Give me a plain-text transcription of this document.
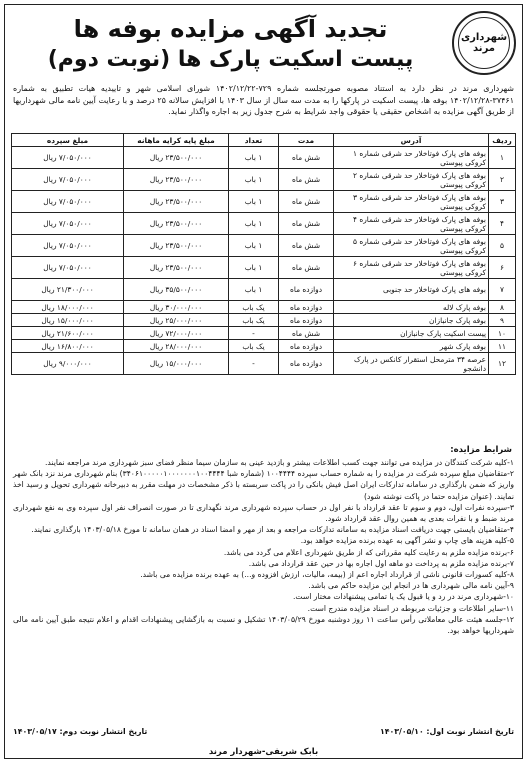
شهرداری
مرند
تجدید آگهی مزایده بوفه ها
پیست اسکیت پارک ها (نوبت دوم)
شهرداری مرند در نظر دارد به استناد مصوبه صورتجلسه شماره ۷۲۹-۱۴۰۲/۱۲/۲۲ شورای اسلامی شهر و تاییدیه هیات تطبیق به شماره ۳۷۴۶۱-۱۴۰۲/۱۲/۲۸ بوفه ها، پیست اسکیت در پارکها را به مدت سه سال از سال ۱۴۰۳ با افزایش سالانه ۲۵ درصد و با رعایت آیین نامه مالی شهرداریها از طریق آگهی مزایده به اشخاص حقیقی یا حقوقی واجد شرایط به شرح جدول زیر به اجاره واگذار نماید.
ردیف	آدرس	مدت	تعداد	مبلغ پایه کرایه ماهانه	مبلغ سپرده
۱	بوفه های پارک فوتاخلار حد شرقی شماره ۱ کروکی پیوستی	شش ماه	۱ باب	۲۳/۵۰۰/۰۰۰ ریال	۷/۰۵۰/۰۰۰ ریال
۲	بوفه های پارک فوتاخلار حد شرقی شماره ۲ کروکی پیوستی	شش ماه	۱ باب	۲۳/۵۰۰/۰۰۰ ریال	۷/۰۵۰/۰۰۰ ریال
۳	بوفه های پارک فوتاخلار حد شرقی شماره ۳ کروکی پیوستی	شش ماه	۱ باب	۲۳/۵۰۰/۰۰۰ ریال	۷/۰۵۰/۰۰۰ ریال
۴	بوفه های پارک فوتاخلار حد شرقی شماره ۴ کروکی پیوستی	شش ماه	۱ باب	۲۳/۵۰۰/۰۰۰ ریال	۷/۰۵۰/۰۰۰ ریال
۵	بوفه های پارک فوتاخلار حد شرقی شماره ۵ کروکی پیوستی	شش ماه	۱ باب	۲۳/۵۰۰/۰۰۰ ریال	۷/۰۵۰/۰۰۰ ریال
۶	بوفه های پارک فوتاخلار حد شرقی شماره ۶ کروکی پیوستی	شش ماه	۱ باب	۲۳/۵۰۰/۰۰۰ ریال	۷/۰۵۰/۰۰۰ ریال
۷	بوفه های پارک فوتاخلار حد جنوبی	دوازده ماه	۱ باب	۳۵/۵۰۰/۰۰۰ ریال	۲۱/۳۰۰/۰۰۰ ریال
۸	بوفه پارک لاله	دوازده ماه	یک باب	۳۰/۰۰۰/۰۰۰ ریال	۱۸/۰۰۰/۰۰۰ ریال
۹	بوفه پارک جانبازان	دوازده ماه	یک باب	۲۵/۰۰۰/۰۰۰ ریال	۱۵/۰۰۰/۰۰۰ ریال
۱۰	پیست اسکیت پارک جانبازان	شش ماه	-	۷۲/۰۰۰/۰۰۰ ریال	۲۱/۶۰۰/۰۰۰ ریال
۱۱	بوفه پارک شهر	دوازده ماه	یک باب	۲۸/۰۰۰/۰۰۰ ریال	۱۶/۸۰۰/۰۰۰ ریال
۱۲	عرصه ۳۴ مترمحل استقرار کانکس در پارک دانشجو	دوازده ماه	-	۱۵/۰۰۰/۰۰۰ ریال	۹/۰۰۰/۰۰۰ ریال
شرایط مزایده:

۱-کلیه شرکت کنندگان در مزایده می توانند جهت کسب اطلاعات بیشتر و بازدید عینی به سازمان سیما منظر فضای سبز شهرداری مرند مراجعه نمایند.

۲-متقاضیان مبلغ سپرده شرکت در مزایده را به شماره حساب سپرده ۱۰۰۴۴۴۴ (شماره شبا ۳۴۰۶۱۰۰۰۰۰۱۰۰۰۰۰۰۰۱۰۰۴۴۴۴) بنام شهرداری مرند نزد بانک شهر واریز که ضمن بارگذاری در سامانه تدارکات ایران اصل فیش بانکی را در پاکت سربسته با ذکر مشخصات در مهلت مقرر به دبیرخانه شهرداری تحویل و رسید اخذ نمایند. (عنوان مزایده حتما در پاکت نوشته شود)

۳-سپرده نفرات اول، دوم و سوم تا عقد قرارداد با نفر اول در حساب سپرده شهرداری مرند نگهداری تا در صورت انصراف نفر اول سپرده وی به نفع شهرداری مرند ضبط و با نفرات بعدی به همین روال عقد قرارداد شود.

۴-متقاضیان بایستی جهت دریافت اسناد مزایده به سامانه تدارکات مراجعه و بعد از مهر و امضا اسناد در همان سامانه تا مورخ ۱۴۰۳/۰۵/۱۸ بارگذاری نمایند.

۵-کلیه هزینه های چاپ و نشر آگهی به عهده برنده مزایده خواهد بود.

۶-برنده مزایده ملزم به رعایت کلیه مقرراتی که از طریق شهرداری اعلام می گردد می باشد.

۷-برنده مزایده ملزم به پرداخت دو ماهه اول اجاره بها در حین عقد قرارداد می باشد.

۸-کلیه کسورات قانونی ناشی از قرارداد اجاره اعم از (بیمه، مالیات، ارزش افزوده و...) به عهده برنده مزایده می باشد.

۹-آیین نامه مالی شهرداری ها در انجام این مزایده حاکم می باشد.

۱۰-شهرداری مرند در رد و یا قبول یک یا تمامی پیشنهادات مختار است.

۱۱-سایر اطلاعات و جزئیات مربوطه در اسناد مزایده مندرج است.

۱۲-جلسه هیئت عالی معاملاتی رأس ساعت ۱۱ روز دوشنبه مورخ ۱۴۰۳/۰۵/۲۹ تشکیل و نسبت به بازگشایی پیشنهادات اقدام و اعلام نتیجه طبق آیین نامه مالی شهرداریها خواهد بود.

تاریخ انتشار نوبت اول: ۱۴۰۳/۰۵/۱۰
تاریخ انتشار نوبت دوم: ۱۴۰۳/۰۵/۱۷
بابک شریفی-شهردار مرند
